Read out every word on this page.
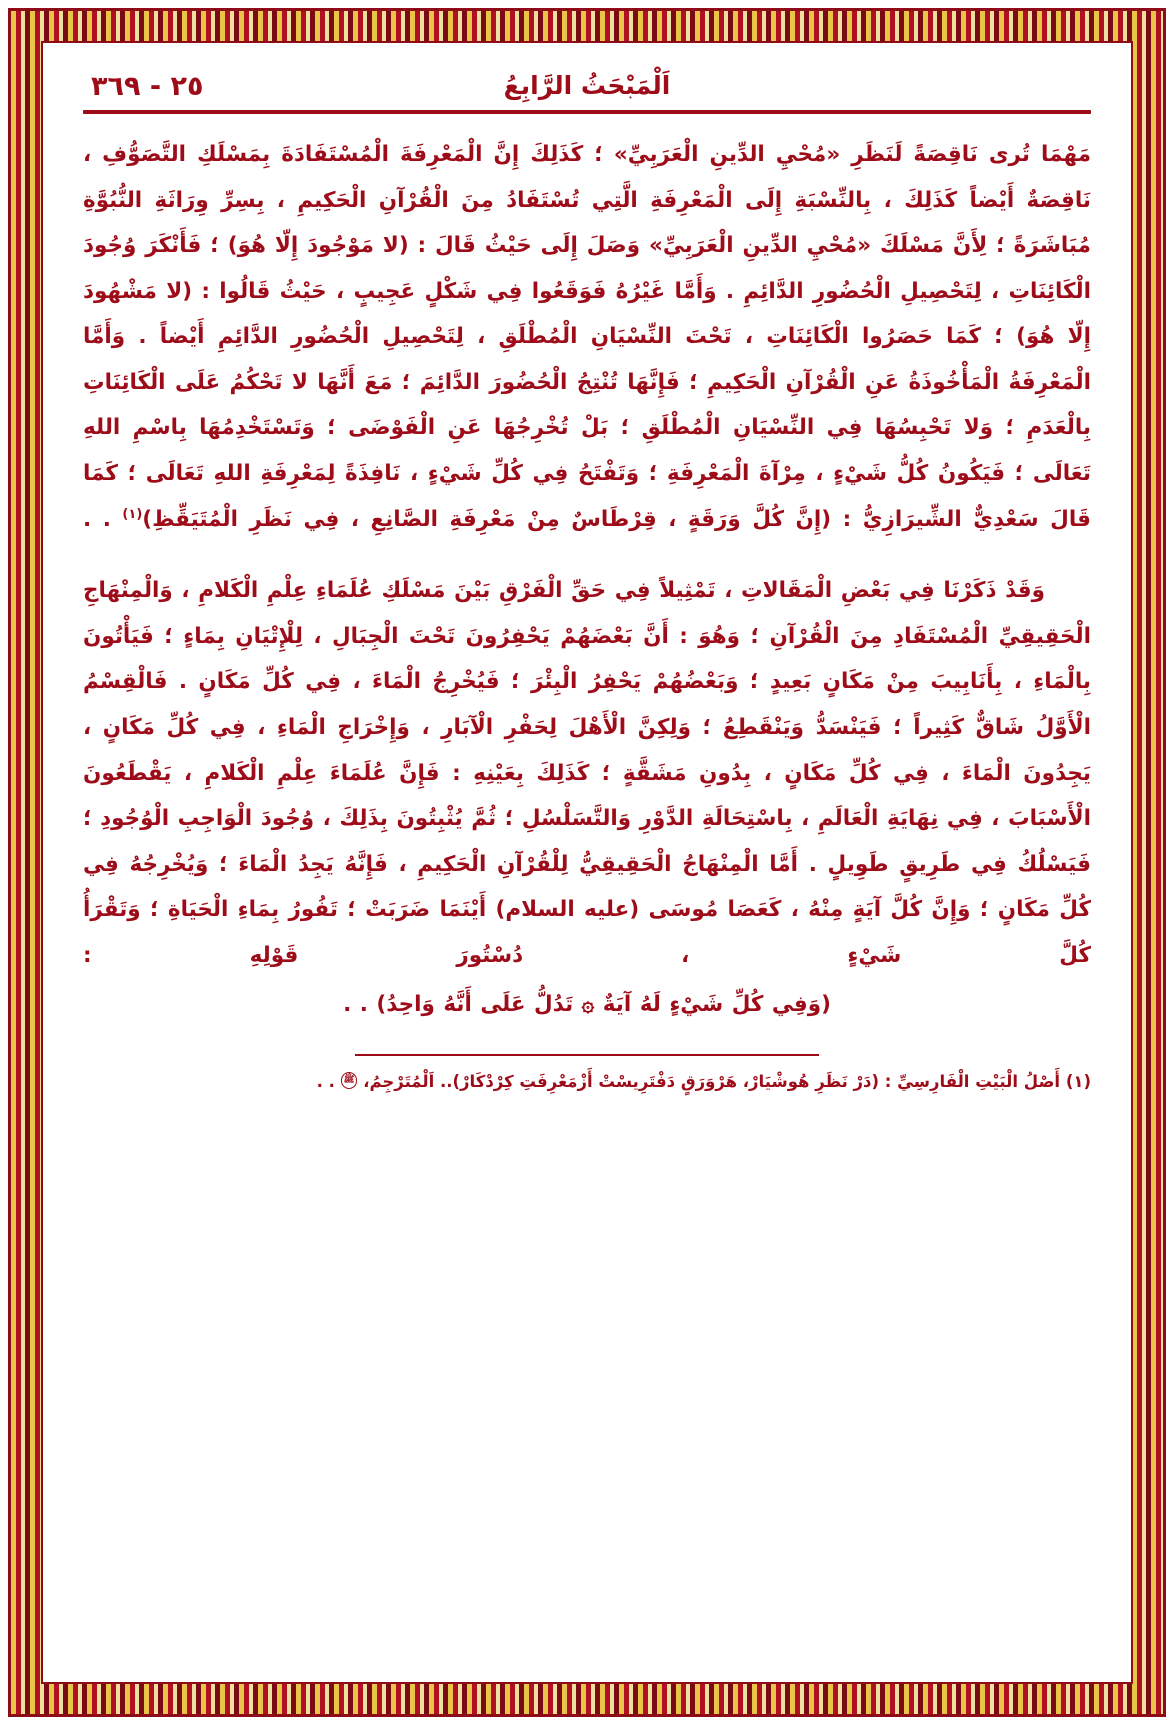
٢٥ - ٣٦٩	اَلْمَبْحَثُ الرَّابِعُ

مَهْمَا تُرى نَاقِصَةً لَنَظَرِ «مُحْيِ الدِّينِ الْعَرَبِيِّ» ؛ كَذَلِكَ إِنَّ الْمَعْرِفَةَ الْمُسْتَفَادَةَ بِمَسْلَكِ التَّصَوُّفِ ، نَاقِصَةٌ أَيْضاً كَذَلِكَ ، بِالنِّسْبَةِ إِلَى الْمَعْرِفَةِ الَّتِي تُسْتَفَادُ مِنَ الْقُرْآنِ الْحَكِيمِ ، بِسِرِّ وِرَاثَةِ النُّبُوَّةِ مُبَاشَرَةً ؛ لِأَنَّ مَسْلَكَ «مُحْيِ الدِّينِ الْعَرَبِيِّ» وَصَلَ إِلَى حَيْثُ قَالَ : (لا مَوْجُودَ إِلّا هُوَ) ؛ فَأَنْكَرَ وُجُودَ الْكَائِنَاتِ ، لِتَحْصِيلِ الْحُضُورِ الدَّائِمِ . وَأَمَّا غَيْرُهُ فَوَقَعُوا فِي شَكْلٍ عَجِيبٍ ، حَيْثُ قَالُوا : (لا مَشْهُودَ إِلّا هُوَ) ؛ كَمَا حَصَرُوا الْكَائِنَاتِ ، تَحْتَ النِّسْيَانِ الْمُطْلَقِ ، لِتَحْصِيلِ الْحُضُورِ الدَّائِمِ أَيْضاً . وَأَمَّا الْمَعْرِفَةُ الْمَأْخُوذَةُ عَنِ الْقُرْآنِ الْحَكِيمِ ؛ فَإِنَّهَا تُنْتِجُ الْحُضُورَ الدَّائِمَ ؛ مَعَ أَنَّهَا لا تَحْكُمُ عَلَى الْكَائِنَاتِ بِالْعَدَمِ ؛ وَلا تَحْبِسُهَا فِي النِّسْيَانِ الْمُطْلَقِ ؛ بَلْ تُخْرِجُهَا عَنِ الْفَوْضَى ؛ وَتَسْتَخْدِمُهَا بِاسْمِ اللهِ تَعَالَى ؛ فَيَكُونُ كُلُّ شَيْءٍ ، مِرْآةَ الْمَعْرِفَةِ ؛ وَتَفْتَحُ فِي كُلِّ شَيْءٍ ، نَافِذَةً لِمَعْرِفَةِ اللهِ تَعَالَى ؛ كَمَا قَالَ سَعْدِيٌّ الشِّيرَازِيُّ : (إِنَّ كُلَّ وَرَقَةٍ ، قِرْطَاسٌ مِنْ مَعْرِفَةِ الصَّانِعِ ، فِي نَظَرِ الْمُتَيَقِّظِ)$^{(١)}$ . .

وَقَدْ ذَكَرْنَا فِي بَعْضِ الْمَقَالاتِ ، تَمْثِيلاً فِي حَقِّ الْفَرْقِ بَيْنَ مَسْلَكِ عُلَمَاءِ عِلْمِ الْكَلامِ ، وَالْمِنْهَاجِ الْحَقِيقِيِّ الْمُسْتَفَادِ مِنَ الْقُرْآنِ ؛ وَهُوَ : أَنَّ بَعْضَهُمْ يَحْفِرُونَ تَحْتَ الْجِبَالِ ، لِلْإِتْيَانِ بِمَاءٍ ؛ فَيَأْتُونَ بِالْمَاءِ ، بِأَنَابِيبَ مِنْ مَكَانٍ بَعِيدٍ ؛ وَبَعْضُهُمْ يَحْفِرُ الْبِئْرَ ؛ فَيُخْرِجُ الْمَاءَ ، فِي كُلِّ مَكَانٍ . فَالْقِسْمُ الْأَوَّلُ شَاقٌّ كَثِيراً ؛ فَيَنْسَدُّ وَيَنْقَطِعُ ؛ وَلِكِنَّ الْأَهْلَ لِحَفْرِ الْآبَارِ ، وَإِخْرَاجِ الْمَاءِ ، فِي كُلِّ مَكَانٍ ، يَجِدُونَ الْمَاءَ ، فِي كُلِّ مَكَانٍ ، بِدُونِ مَشَقَّةٍ ؛ كَذَلِكَ بِعَيْنِهِ : فَإِنَّ عُلَمَاءَ عِلْمِ الْكَلامِ ، يَقْطَعُونَ الْأَسْبَابَ ، فِي نِهَايَةِ الْعَالَمِ ، بِاسْتِحَالَةِ الدَّوْرِ وَالتَّسَلْسُلِ ؛ ثُمَّ يُثْبِتُونَ بِذَلِكَ ، وُجُودَ الْوَاجِبِ الْوُجُودِ ؛ فَيَسْلُكُ فِي طَرِيقٍ طَوِيلٍ . أَمَّا الْمِنْهَاجُ الْحَقِيقِيُّ لِلْقُرْآنِ الْحَكِيمِ ، فَإِنَّهُ يَجِدُ الْمَاءَ ؛ وَيُخْرِجُهُ فِي كُلِّ مَكَانٍ ؛ وَإِنَّ كُلَّ آيَةٍ مِنْهُ ، كَعَصَا مُوسَى (عليه السلام) أَيْنَمَا ضَرَبَتْ ؛ تَفُورُ بِمَاءِ الْحَيَاةِ ؛ وَتَقْرَأُ كُلَّ شَيْءٍ ، دُسْتُورَ قَوْلِهِ :

(وَفِي كُلِّ شَيْءٍ لَهُ آيَةٌ ۞ تَدُلُّ عَلَى أَنَّهُ وَاحِدُ) . .

(١) أَصْلُ الْبَيْتِ الْفَارِسِيِّ : (دَرْ نَظَرِ هُوشْيَارْ، هَرْوَرَقٍ دَفْتَرِيسْتْ أَزْمَعْرِفَتِ كِرْدْكَارْ).. اَلْمُتَرْجِمُ، ﷺ . .
